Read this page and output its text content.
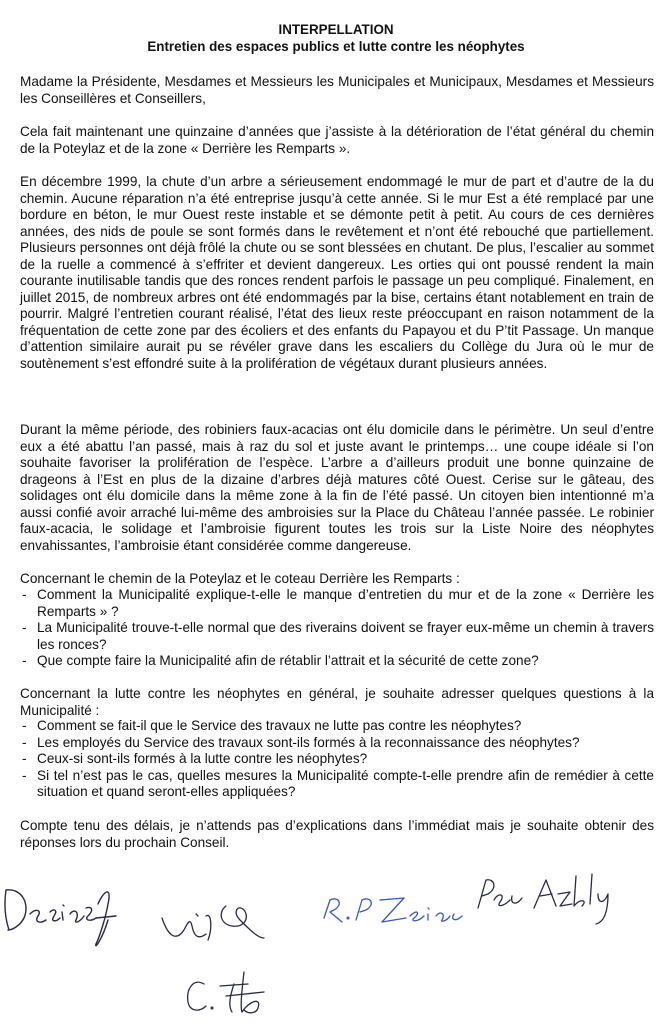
INTERPELLATION
Entretien des espaces publics et lutte contre les néophytes

Madame la Présidente, Mesdames et Messieurs les Municipales et Municipaux, Mesdames et Messieurs les Conseillères et Conseillers,

Cela fait maintenant une quinzaine d’années que j’assiste à la détérioration de l’état général du chemin de la Poteylaz et de la zone « Derrière les Remparts ».

En décembre 1999, la chute d’un arbre a sérieusement endommagé le mur de part et d’autre de la du chemin. Aucune réparation n’a été entreprise jusqu’à cette année. Si le mur Est a été remplacé par une bordure en béton, le mur Ouest reste instable et se démonte petit à petit. Au cours de ces dernières années, des nids de poule se sont formés dans le revêtement et n’ont été rebouché que partiellement. Plusieurs personnes ont déjà frôlé la chute ou se sont blessées en chutant. De plus, l’escalier au sommet de la ruelle a commencé à s’effriter et devient dangereux. Les orties qui ont poussé rendent la main courante inutilisable tandis que des ronces rendent parfois le passage un peu compliqué. Finalement, en juillet 2015, de nombreux arbres ont été endommagés par la bise, certains étant notablement en train de pourrir. Malgré l’entretien courant réalisé, l’état des lieux reste préoccupant en raison notamment de la fréquentation de cette zone par des écoliers et des enfants du Papayou et du P’tit Passage. Un manque d’attention similaire aurait pu se révéler grave dans les escaliers du Collège du Jura où le mur de soutènement s’est effondré suite à la prolifération de végétaux durant plusieurs années.

Durant la même période, des robiniers faux-acacias ont élu domicile dans le périmètre. Un seul d’entre eux a été abattu l’an passé, mais à raz du sol et juste avant le printemps… une coupe idéale si l’on souhaite favoriser la prolifération de l’espèce. L’arbre a d’ailleurs produit une bonne quinzaine de drageons à l’Est en plus de la dizaine d’arbres déjà matures côté Ouest. Cerise sur le gâteau, des solidages ont élu domicile dans la même zone à la fin de l’été passé. Un citoyen bien intentionné m’a aussi confié avoir arraché lui-même des ambroisies sur la Place du Château l’année passée. Le robinier faux-acacia, le solidage et l’ambroisie figurent toutes les trois sur la Liste Noire des néophytes envahissantes, l’ambroisie étant considérée comme dangereuse.

Concernant le chemin de la Poteylaz et le coteau Derrière les Remparts :

- Comment la Municipalité explique-t-elle le manque d’entretien du mur et de la zone « Derrière les Remparts » ?
- La Municipalité trouve-t-elle normal que des riverains doivent se frayer eux-même un chemin à travers les ronces?
- Que compte faire la Municipalité afin de rétablir l’attrait et la sécurité de cette zone?

Concernant la lutte contre les néophytes en général, je souhaite adresser quelques questions à la Municipalité :

- Comment se fait-il que le Service des travaux ne lutte pas contre les néophytes?
- Les employés du Service des travaux sont-ils formés à la reconnaissance des néophytes?
- Ceux-si sont-ils formés à la lutte contre les néophytes?
- Si tel n’est pas le cas, quelles mesures la Municipalité compte-t-elle prendre afin de remédier à cette situation et quand seront-elles appliquées?

Compte tenu des délais, je n’attends pas d’explications dans l’immédiat mais je souhaite obtenir des réponses lors du prochain Conseil.
